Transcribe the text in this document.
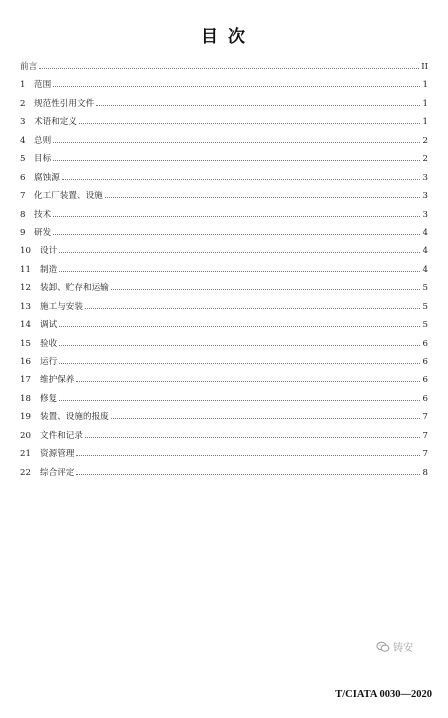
目 次
前言	II
1 范围	1
2 规范性引用文件	1
3 术语和定义	1
4 总则	2
5 目标	2
6 腐蚀源	3
7 化工厂装置、设施	3
8 技术	3
9 研发	4
10	设计	4
11	制造	4
12	装卸、贮存和运输	5
13	施工与安装	5
14	调试	5
15	验收	6
16	运行	6
17	维护保养	6
18	修复	6
19	装置、设施的报废	7
20	文件和记录	7
21	资源管理	7
22	综合评定	8
铸安
T/CIATA 0030—2020
